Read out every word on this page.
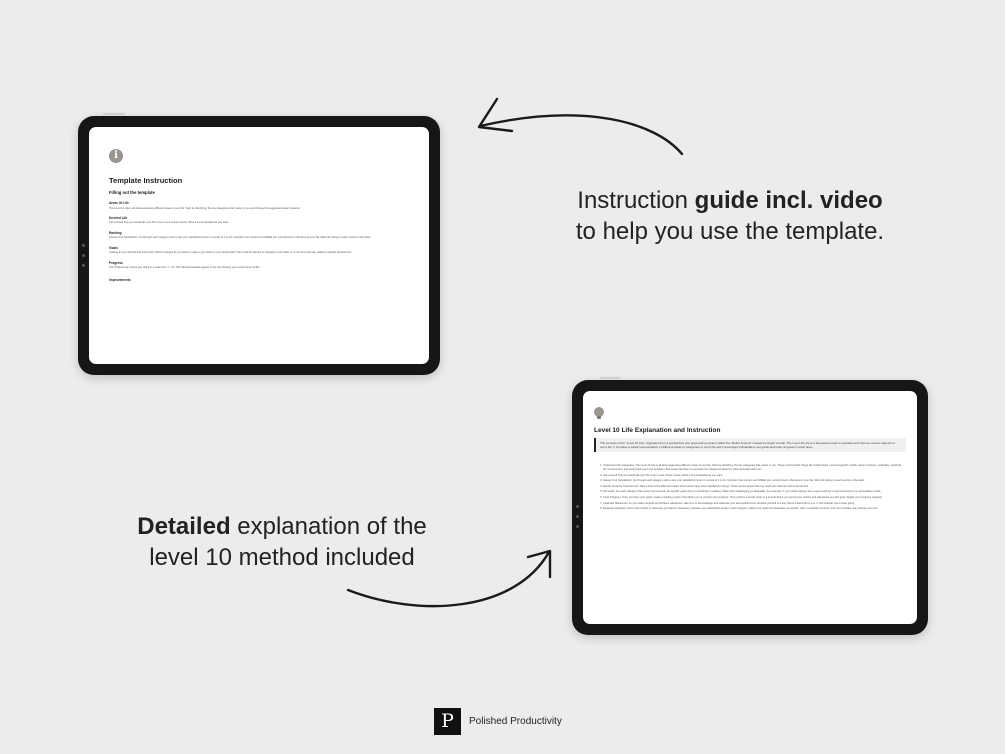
i
Template Instruction
Filling out the template
Areas Of Life
The Level 10 Life is all about assessing different areas of your life. Start by identifying the key categories that matter to you and change the suggested areas if desired.
Desired Life
Ask yourself how you would like your life to be in your chosen areas. Write it out as detailed as you want.
Ranking
Assess Your Satisfaction: Go through each category and re-rate your satisfaction level on a scale of 1 to 10. Consider how content and fulfilled you currently feel in that area of your life. Mark the rating on each section in the table.
Goals
Looking at your desired and current life. Which changes do you want to make to get closer to your desired life? This could be starting or stopping a new habit, or a one time step like making a specific appointment.
Progress
The Progress bar shows you rating in a scale from 1 - 10. This will automatically appear in the top showing your current level 10 life.
Improvements
Level 10 Life Explanation and Instruction
The concept of the "Level 10 Life" originated from a productivity and goal-setting system called the "Bullet Journal" created by Ryder Carroll. The Level 10 Life is a framework used to evaluate and improve various aspects of one's life. It provides a visual representation of different areas or categories in one's life and encourages individuals to set goals and track progress in each area.
1. Understand the Categories: The Level 10 Life is all about assessing different areas of your life. Start by identifying the key categories that matter to you. These could include things like relationships, personal growth, health, career, finances, spirituality, social life, fun, environment, and giving back (as in the template). But please feel free to customize the categories based on what resonates with you!
2. Ask yourself how you would like your life to be in your chosen areas. Write it out as detailed as you want.
3. Assess Your Satisfaction: Go through each category and re-rate your satisfaction level on a scale of 1 to 10. Consider how content and fulfilled you currently feel in that area of your life. Mark the rating on each section in the table.
4. Identify Areas for Improvement: Take a look at the table and notice which areas have lower satisfaction ratings. Those are the areas that may need your attention and improvement.
5. Set Goals: For each category that needs improvement, set specific goals that you would like to achieve. Make them challenging yet attainable. For example, if your health rating is low, a goal could be to start exercising or to eat healthier meals.
6. Track Progress: Once you have your goals, create a tracking system that allows you to monitor your progress. This could be a simple chart or a journal where you record your actions and milestones as each goal. Update your progress regularly.
7. Celebrate Milestones: As you make progress and achieve milestones, take time to acknowledge and celebrate your accomplishments. Reward yourself in a way that is meaningful to you. It will motivate you to keep going.
8. Reassess Regularly: Every few months or whenever you feel it's necessary, reassess your satisfaction levels in each category. Adjust your goals and strategies as needed. Life is constantly evolving, and your priorities may change over time.
Instruction guide incl. video to help you use the template.
Detailed explanation of the level 10 method included
P	Polished Productivity
